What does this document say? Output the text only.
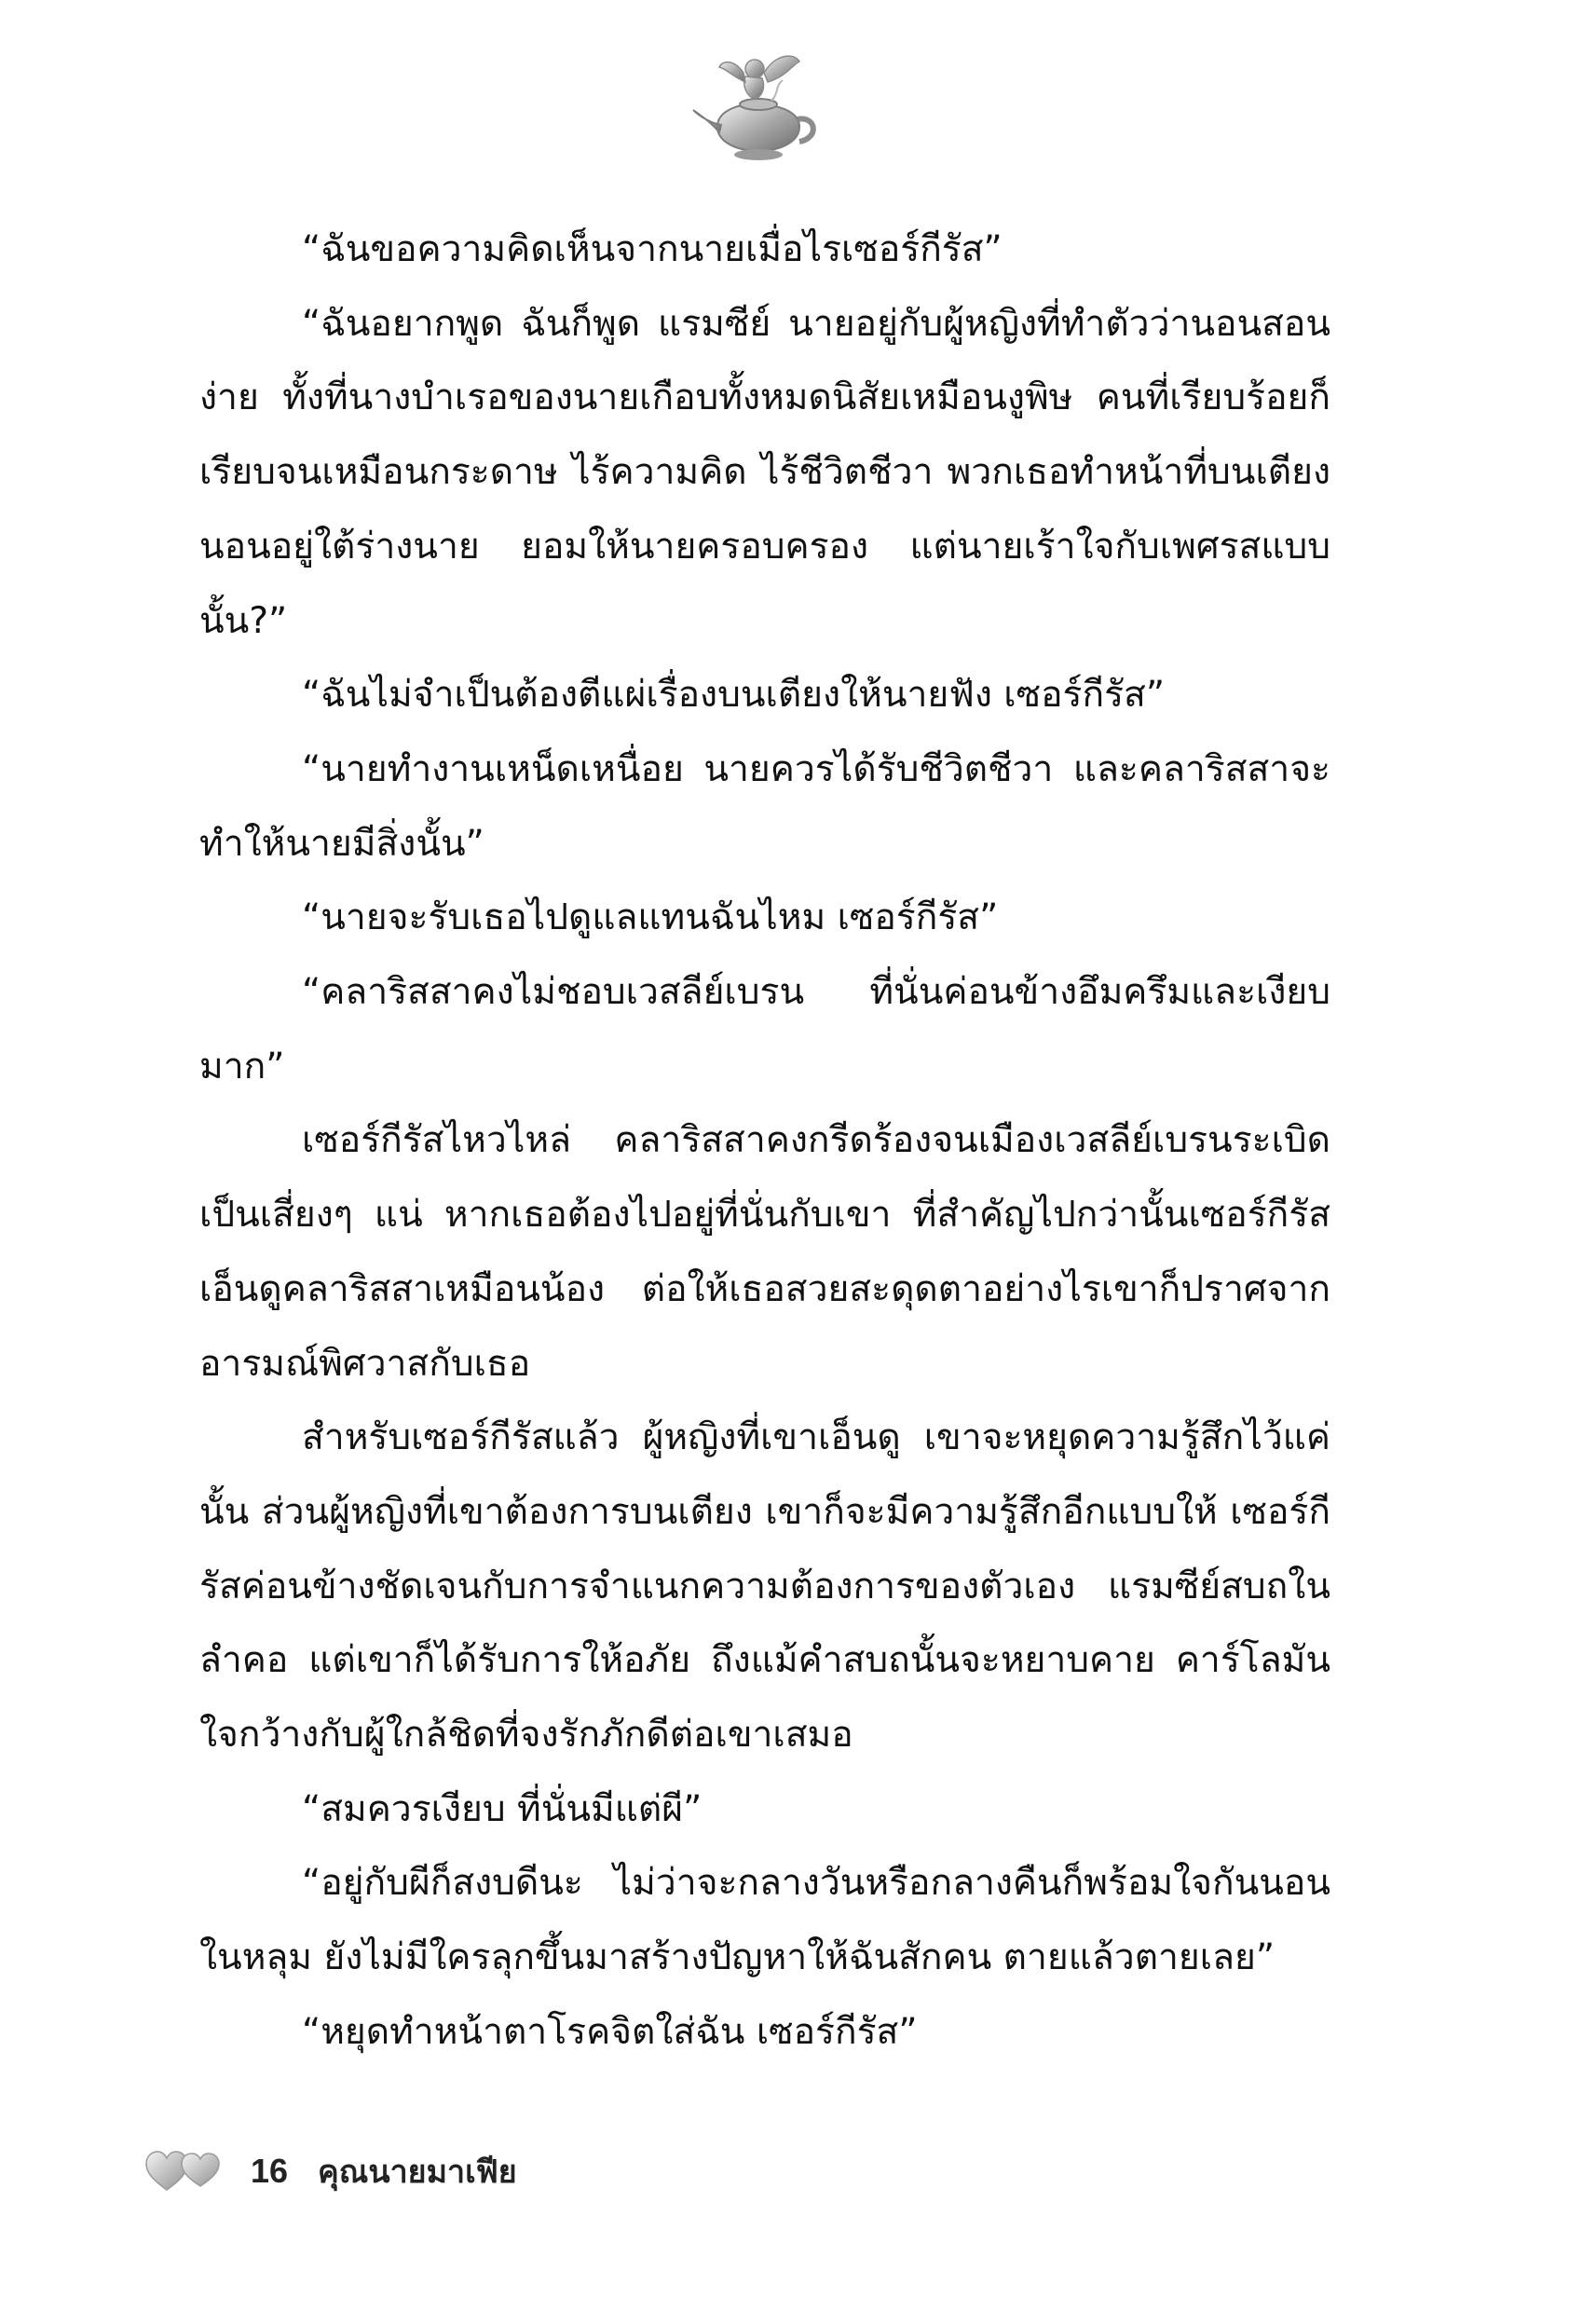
“ฉันขอความคิดเห็นจากนายเมื่อไรเซอร์กีรัส”

“ฉันอยากพูด ฉันก็พูด แรมซีย์ นายอยู่กับผู้หญิงที่ทำตัวว่านอนสอนง่าย ทั้งที่นางบำเรอของนายเกือบทั้งหมดนิสัยเหมือนงูพิษ คนที่เรียบร้อยก็เรียบจนเหมือนกระดาษ ไร้ความคิด ไร้ชีวิตชีวา พวกเธอทำหน้าที่บนเตียง นอนอยู่ใต้ร่างนาย ยอมให้นายครอบครอง แต่นายเร้าใจกับเพศรสแบบนั้น?”

“ฉันไม่จำเป็นต้องตีแผ่เรื่องบนเตียงให้นายฟัง เซอร์กีรัส”

“นายทำงานเหน็ดเหนื่อย นายควรได้รับชีวิตชีวา และคลาริสสาจะทำให้นายมีสิ่งนั้น”

“นายจะรับเธอไปดูแลแทนฉันไหม เซอร์กีรัส”

“คลาริสสาคงไม่ชอบเวสลีย์เบรน ที่นั่นค่อนข้างอึมครึมและเงียบมาก”

เซอร์กีรัสไหวไหล่ คลาริสสาคงกรีดร้องจนเมืองเวสลีย์เบรนระเบิดเป็นเสี่ยงๆ แน่ หากเธอต้องไปอยู่ที่นั่นกับเขา ที่สำคัญไปกว่านั้นเซอร์กีรัสเอ็นดูคลาริสสาเหมือนน้อง ต่อให้เธอสวยสะดุดตาอย่างไรเขาก็ปราศจากอารมณ์พิศวาสกับเธอ

สำหรับเซอร์กีรัสแล้ว ผู้หญิงที่เขาเอ็นดู เขาจะหยุดความรู้สึกไว้แค่นั้น ส่วนผู้หญิงที่เขาต้องการบนเตียง เขาก็จะมีความรู้สึกอีกแบบให้ เซอร์กีรัสค่อนข้างชัดเจนกับการจำแนกความต้องการของตัวเอง แรมซีย์สบถในลำคอ แต่เขาก็ได้รับการให้อภัย ถึงแม้คำสบถนั้นจะหยาบคาย คาร์โลมันใจกว้างกับผู้ใกล้ชิดที่จงรักภักดีต่อเขาเสมอ

“สมควรเงียบ ที่นั่นมีแต่ผี”

“อยู่กับผีก็สงบดีนะ ไม่ว่าจะกลางวันหรือกลางคืนก็พร้อมใจกันนอนในหลุม ยังไม่มีใครลุกขึ้นมาสร้างปัญหาให้ฉันสักคน ตายแล้วตายเลย”

“หยุดทำหน้าตาโรคจิตใส่ฉัน เซอร์กีรัส”

16 คุณนายมาเฟีย
